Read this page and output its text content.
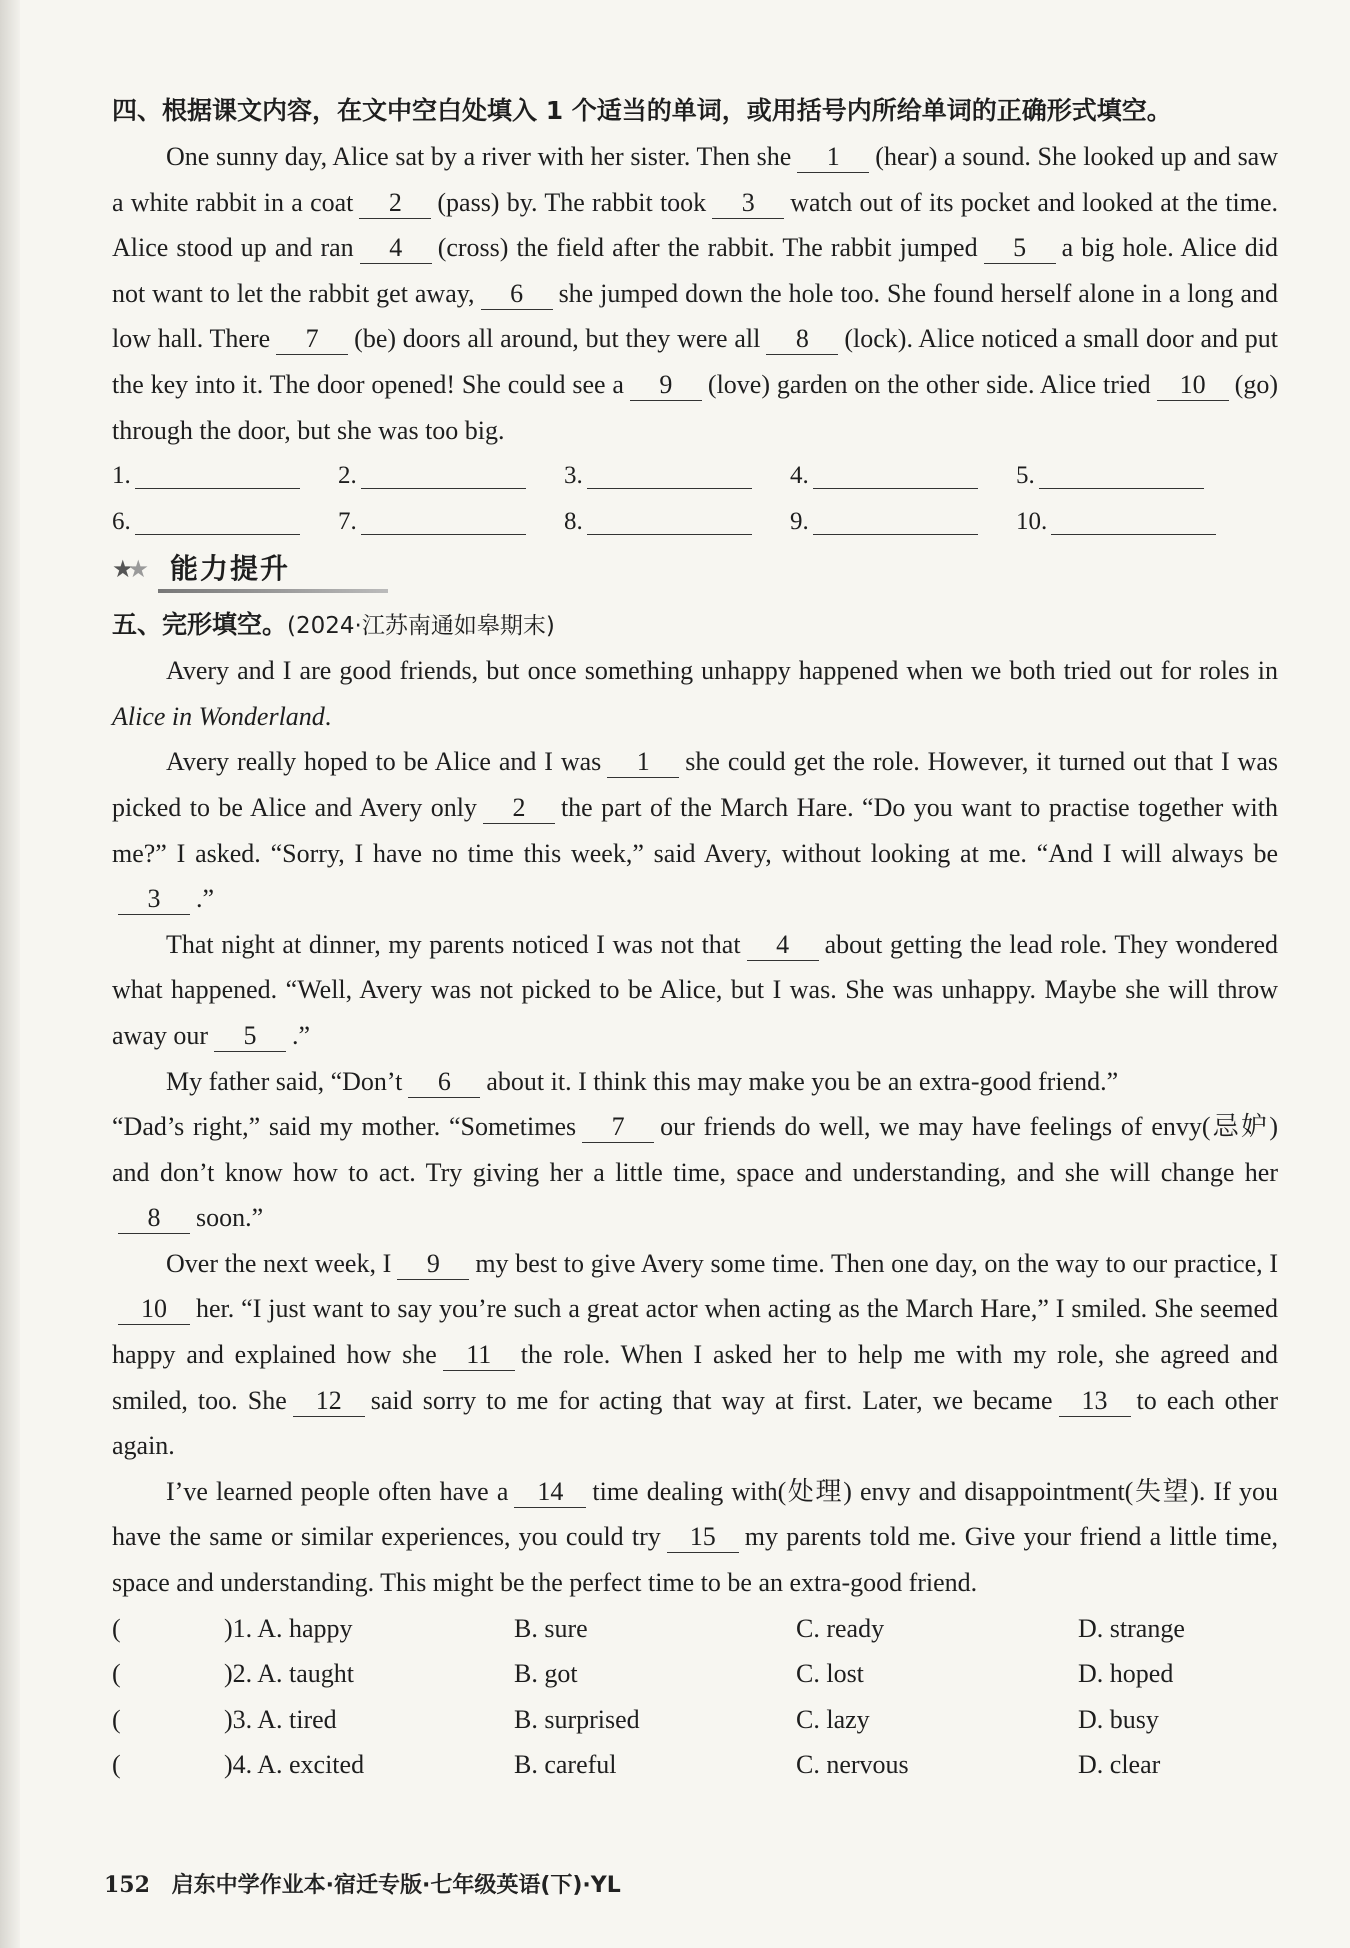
四、根据课文内容，在文中空白处填入 1 个适当的单词，或用括号内所给单词的正确形式填空。

One sunny day, Alice sat by a river with her sister. Then she 1 (hear) a sound. She looked up and saw a white rabbit in a coat 2 (pass) by. The rabbit took 3 watch out of its pocket and looked at the time. Alice stood up and ran 4 (cross) the field after the rabbit. The rabbit jumped 5 a big hole. Alice did not want to let the rabbit get away, 6 she jumped down the hole too. She found herself alone in a long and low hall. There 7 (be) doors all around, but they were all 8 (lock). Alice noticed a small door and put the key into it. The door opened! She could see a 9 (love) garden on the other side. Alice tried 10 (go) through the door, but she was too big.

1.	2.	3.	4.	5.
6.	7.	8.	9.	10.
★★ 能力提升

五、完形填空。(2024·江苏南通如皋期末)

Avery and I are good friends, but once something unhappy happened when we both tried out for roles in Alice in Wonderland.

Avery really hoped to be Alice and I was 1 she could get the role. However, it turned out that I was picked to be Alice and Avery only 2 the part of the March Hare. “Do you want to practise together with me?” I asked. “Sorry, I have no time this week,” said Avery, without looking at me. “And I will always be3 .”

That night at dinner, my parents noticed I was not that 4 about getting the lead role. They wondered what happened. “Well, Avery was not picked to be Alice, but I was. She was unhappy. Maybe she will throw away our 5 .”

My father said, “Don’t 6 about it. I think this may make you be an extra-good friend.”

“Dad’s right,” said my mother. “Sometimes 7 our friends do well, we may have feelings of envy(忌妒) and don’t know how to act. Try giving her a little time, space and understanding, and she will change her8 soon.”

Over the next week, I 9 my best to give Avery some time. Then one day, on the way to our practice, I10 her. “I just want to say you’re such a great actor when acting as the March Hare,” I smiled. She seemed happy and explained how she 11 the role. When I asked her to help me with my role, she agreed and smiled, too. She 12 said sorry to me for acting that way at first. Later, we became 13 to each other again.

I’ve learned people often have a 14 time dealing with(处理) envy and disappointment(失望). If you have the same or similar experiences, you could try 15 my parents told me. Give your friend a little time, space and understanding. This might be the perfect time to be an extra-good friend.

(	)1. A. happy	B. sure	C. ready	D. strange
(	)2. A. taught	B. got	C. lost	D. hoped
(	)3. A. tired	B. surprised	C. lazy	D. busy
(	)4. A. excited	B. careful	C. nervous	D. clear
152 启东中学作业本·宿迁专版·七年级英语(下)·YL
